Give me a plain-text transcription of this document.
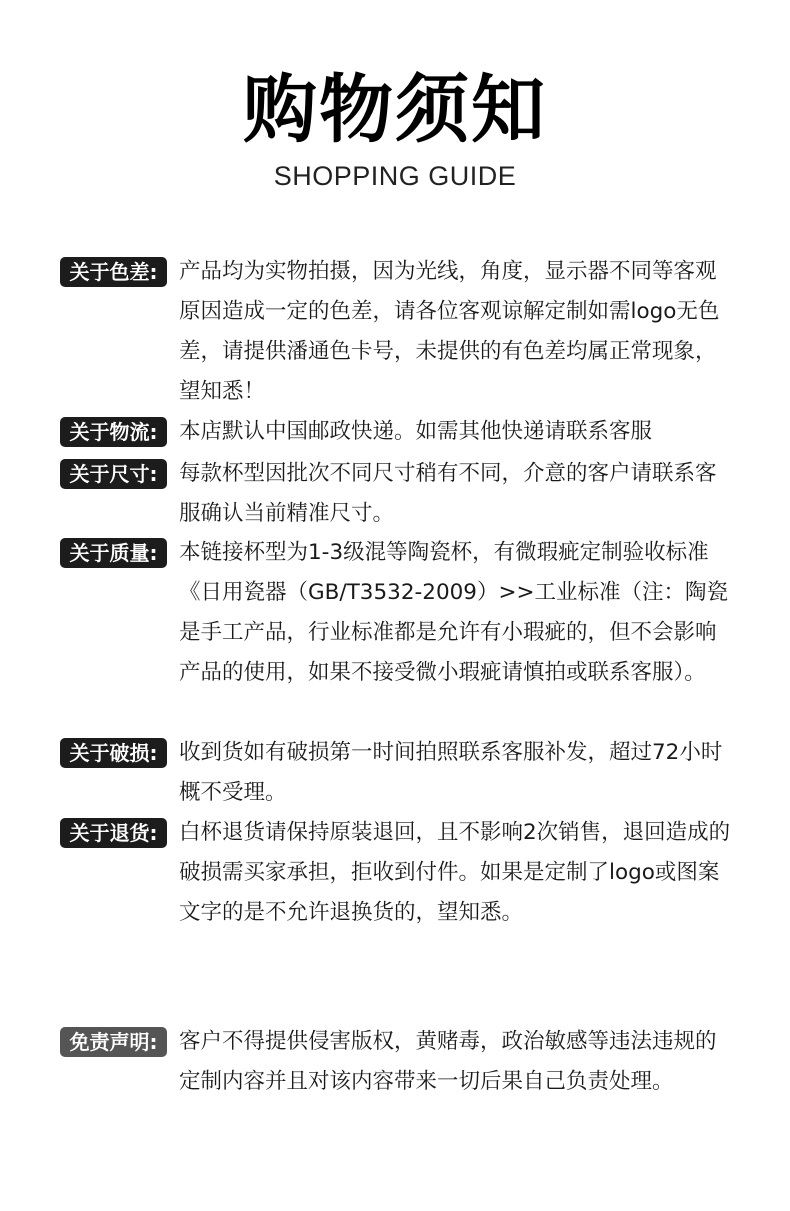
购物须知
SHOPPING GUIDE
关于色差:	产品均为实物拍摄，因为光线，角度，显示器不同等客观原因造成一定的色差，请各位客观谅解定制如需logo无色差，请提供潘通色卡号，未提供的有色差均属正常现象，望知悉！
关于物流:	本店默认中国邮政快递。如需其他快递请联系客服
关于尺寸:	每款杯型因批次不同尺寸稍有不同，介意的客户请联系客服确认当前精准尺寸。
关于质量:	本链接杯型为1-3级混等陶瓷杯，有微瑕疵定制验收标准《日用瓷器（GB/T3532-2009）>>工业标准（注：陶瓷是手工产品，行业标准都是允许有小瑕疵的，但不会影响产品的使用，如果不接受微小瑕疵请慎拍或联系客服）。
关于破损:	收到货如有破损第一时间拍照联系客服补发，超过72小时概不受理。
关于退货:	白杯退货请保持原装退回，且不影响2次销售，退回造成的破损需买家承担，拒收到付件。如果是定制了logo或图案文字的是不允许退换货的，望知悉。
免责声明:	客户不得提供侵害版权，黄赌毒，政治敏感等违法违规的定制内容并且对该内容带来一切后果自己负责处理。
